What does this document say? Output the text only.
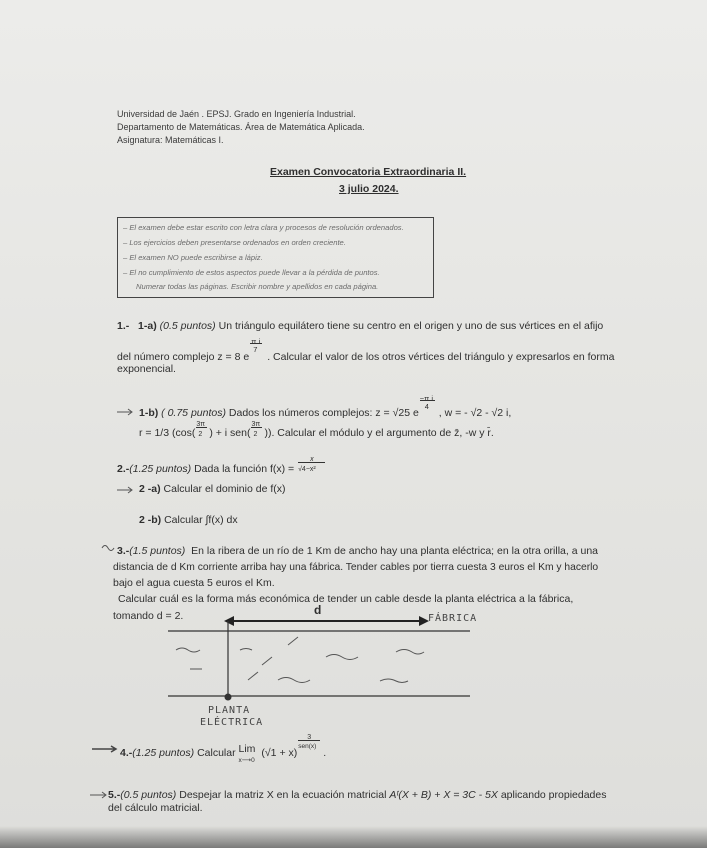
Universidad de Jaén . EPSJ. Grado en Ingeniería Industrial.
Departamento de Matemáticas. Área de Matemática Aplicada.
Asignatura: Matemáticas I.
Examen Convocatoria Extraordinaria II.
3 julio 2024.
– El examen debe estar escrito con letra clara y procesos de resolución ordenados.
– Los ejercicios deben presentarse ordenados en orden creciente.
– El examen NO puede escribirse a lápiz.
– El no cumplimiento de estos aspectos puede llevar a la pérdida de puntos.
Numerar todas las páginas. Escribir nombre y apellidos en cada página.
1.- 1-a) (0.5 puntos) Un triángulo equilátero tiene su centro en el origen y uno de sus vértices en el afijo
del número complejo z = 8 e
π i
7
. Calcular el valor de los otros vértices del triángulo y expresarlos en forma
exponencial.
1-b) ( 0.75 puntos) Dados los números complejos: z = √25 e
−π i
4
, w = - √2 - √2 i,
r = 1/3 ($\cos( \frac{3\pi}{2}$ ) + i $sen( \frac{3\pi}{2}$ )). Calcular el módulo y el argumento de z̄, -w y r̄.
2.-(1.25 puntos) Dada la función $f(x) = \frac{x}{\text{√4−x²}}$
2 -a) Calcular el dominio de f(x)
2 -b) Calcular ∫f(x) dx
3.-(1.5 puntos) En la ribera de un río de 1 Km de ancho hay una planta eléctrica; en la otra orilla, a una
distancia de d Km corriente arriba hay una fábrica. Tender cables por tierra cuesta 3 euros el Km y hacerlo
bajo el agua cuesta 5 euros el Km.
Calcular cuál es la forma más económica de tender un cable desde la planta eléctrica a la fábrica,
tomando d = 2.	d
FÁBRICA
PLANTA
ELÉCTRICA
4.-(1.25 puntos) Calcular Lim
x⟶0
(√1 + x)
3
sen(x)
.
5.-(0.5 puntos) Despejar la matriz X en la ecuación matricial Aᵗ(X + B) + X = 3C - 5X aplicando propiedades
del cálculo matricial.
